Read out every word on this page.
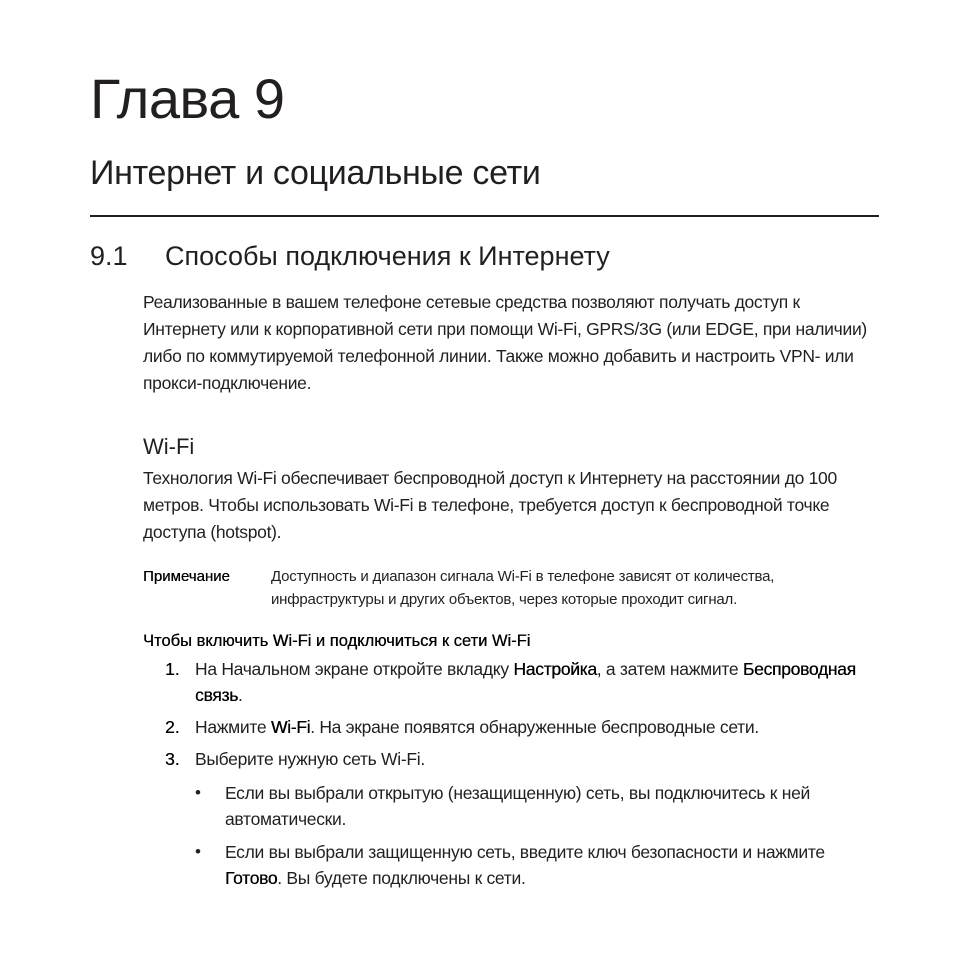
Глава 9
Интернет и социальные сети
9.1 Способы подключения к Интернету

Реализованные в вашем телефоне сетевые средства позволяют получать доступ к Интернету или к корпоративной сети при помощи Wi-Fi, GPRS/3G (или EDGE, при наличии) либо по коммутируемой телефонной линии. Также можно добавить и настроить VPN- или прокси-подключение.

Wi-Fi

Технология Wi-Fi обеспечивает беспроводной доступ к Интернету на расстоянии до 100 метров. Чтобы использовать Wi-Fi в телефоне, требуется доступ к беспроводной точке доступа (hotspot).

Примечание	Доступность и диапазон сигнала Wi-Fi в телефоне зависят от количества, инфраструктуры и других объектов, через которые проходит сигнал.
Чтобы включить Wi-Fi и подключиться к сети Wi-Fi
1. На Начальном экране откройте вкладку Настройка, а затем нажмите Беспроводная связь.
2. Нажмите Wi-Fi. На экране появятся обнаруженные беспроводные сети.
3. Выберите нужную сеть Wi-Fi.
•	Если вы выбрали открытую (незащищенную) сеть, вы подключитесь к ней автоматически.
•	Если вы выбрали защищенную сеть, введите ключ безопасности и нажмите Готово. Вы будете подключены к сети.
